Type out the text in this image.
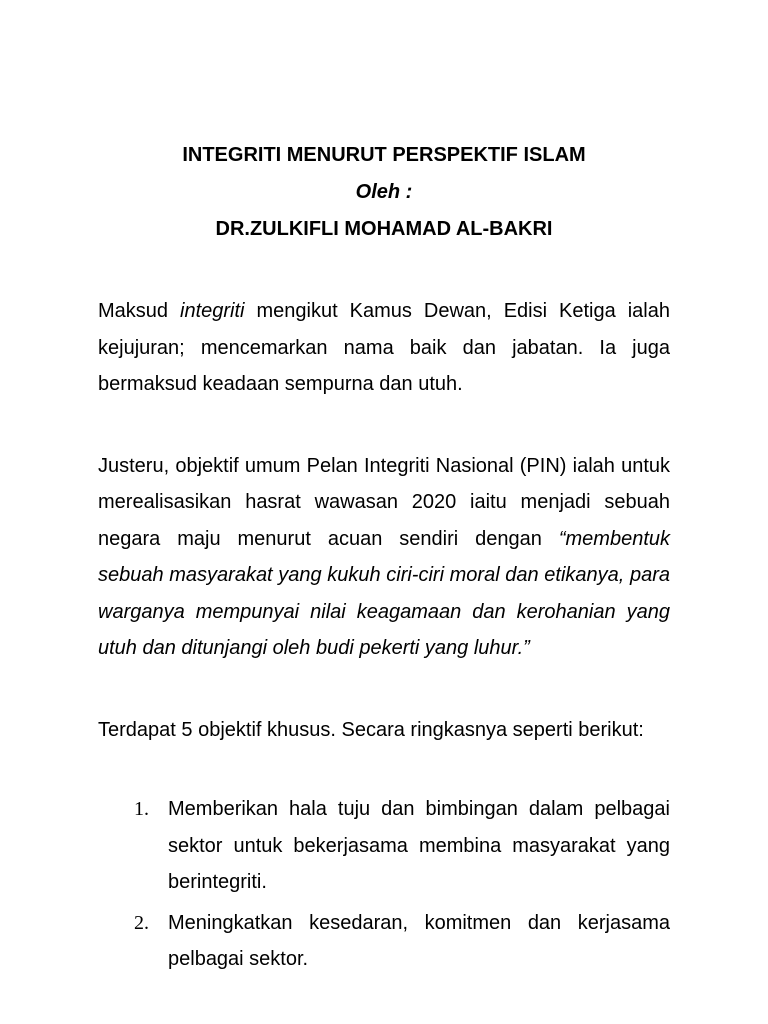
INTEGRITI MENURUT PERSPEKTIF ISLAM

Oleh :

DR.ZULKIFLI MOHAMAD AL-BAKRI

Maksud integriti mengikut Kamus Dewan, Edisi Ketiga ialah kejujuran; mencemarkan nama baik dan jabatan. Ia juga bermaksud keadaan sempurna dan utuh.

Justeru, objektif umum Pelan Integriti Nasional (PIN) ialah untuk merealisasikan hasrat wawasan 2020 iaitu menjadi sebuah negara maju menurut acuan sendiri dengan “membentuk sebuah masyarakat yang kukuh ciri-ciri moral dan etikanya, para warganya mempunyai nilai keagamaan dan kerohanian yang utuh dan ditunjangi oleh budi pekerti yang luhur.”

Terdapat 5 objektif khusus. Secara ringkasnya seperti berikut:

1. Memberikan hala tuju dan bimbingan dalam pelbagai sektor untuk bekerjasama membina masyarakat yang berintegriti.
2. Meningkatkan kesedaran, komitmen dan kerjasama pelbagai sektor.
